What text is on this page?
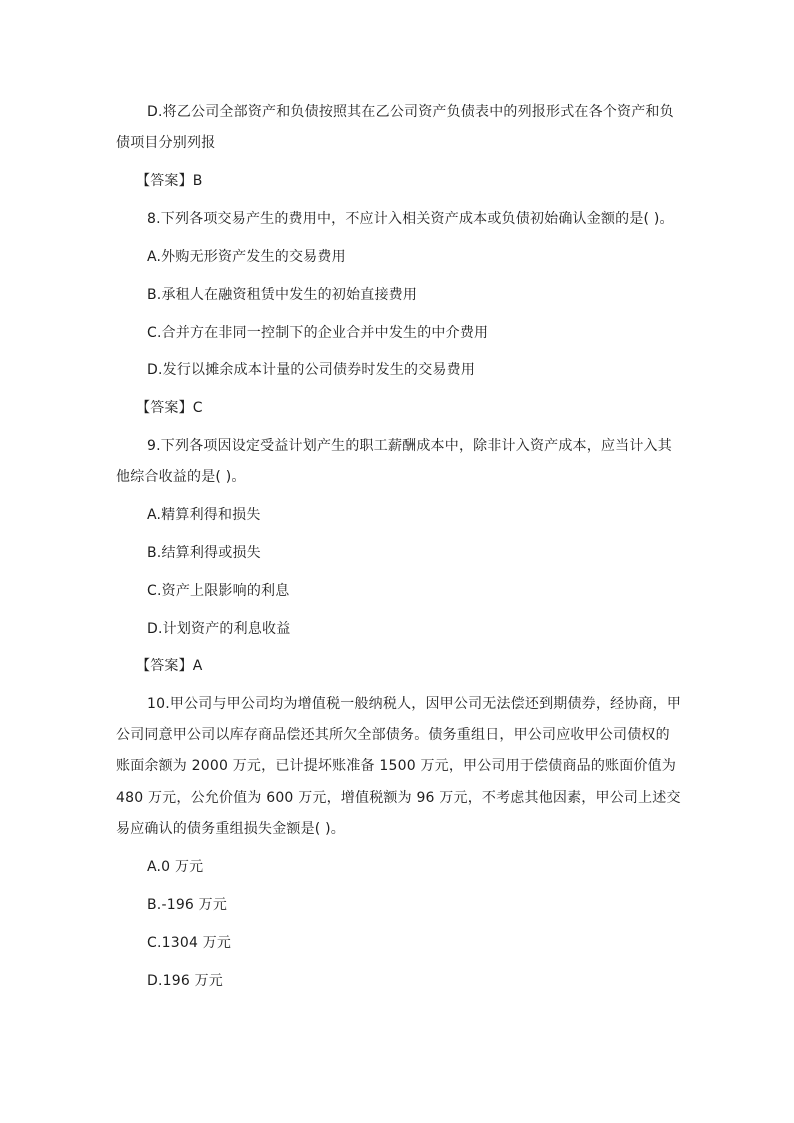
D.将乙公司全部资产和负债按照其在乙公司资产负债表中的列报形式在各个资产和负
债项目分别列报
【答案】B
8.下列各项交易产生的费用中，不应计入相关资产成本或负债初始确认金额的是( )。
A.外购无形资产发生的交易费用
B.承租人在融资租赁中发生的初始直接费用
C.合并方在非同一控制下的企业合并中发生的中介费用
D.发行以摊余成本计量的公司债券时发生的交易费用
【答案】C
9.下列各项因设定受益计划产生的职工薪酬成本中，除非计入资产成本，应当计入其
他综合收益的是( )。
A.精算利得和损失
B.结算利得或损失
C.资产上限影响的利息
D.计划资产的利息收益
【答案】A
10.甲公司与甲公司均为增值税一般纳税人，因甲公司无法偿还到期债券，经协商，甲
公司同意甲公司以库存商品偿还其所欠全部债务。债务重组日，甲公司应收甲公司债权的
账面余额为 2000 万元，已计提坏账准备 1500 万元，甲公司用于偿债商品的账面价值为
480 万元，公允价值为 600 万元，增值税额为 96 万元，不考虑其他因素，甲公司上述交
易应确认的债务重组损失金额是( )。
A.0 万元
B.-196 万元
C.1304 万元
D.196 万元
